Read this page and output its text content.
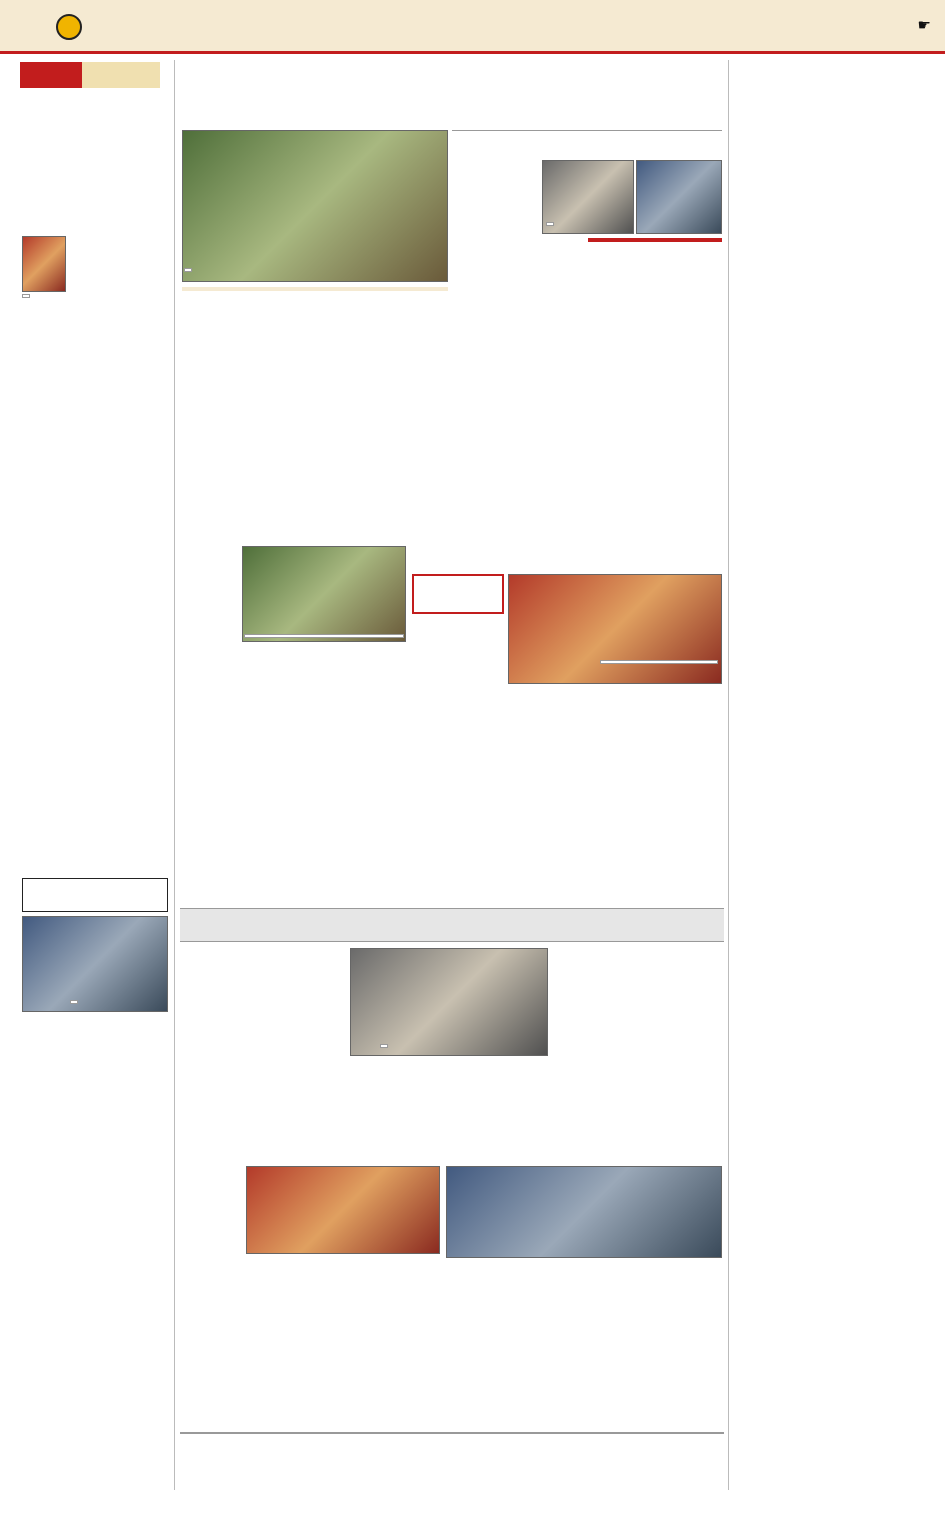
☛
